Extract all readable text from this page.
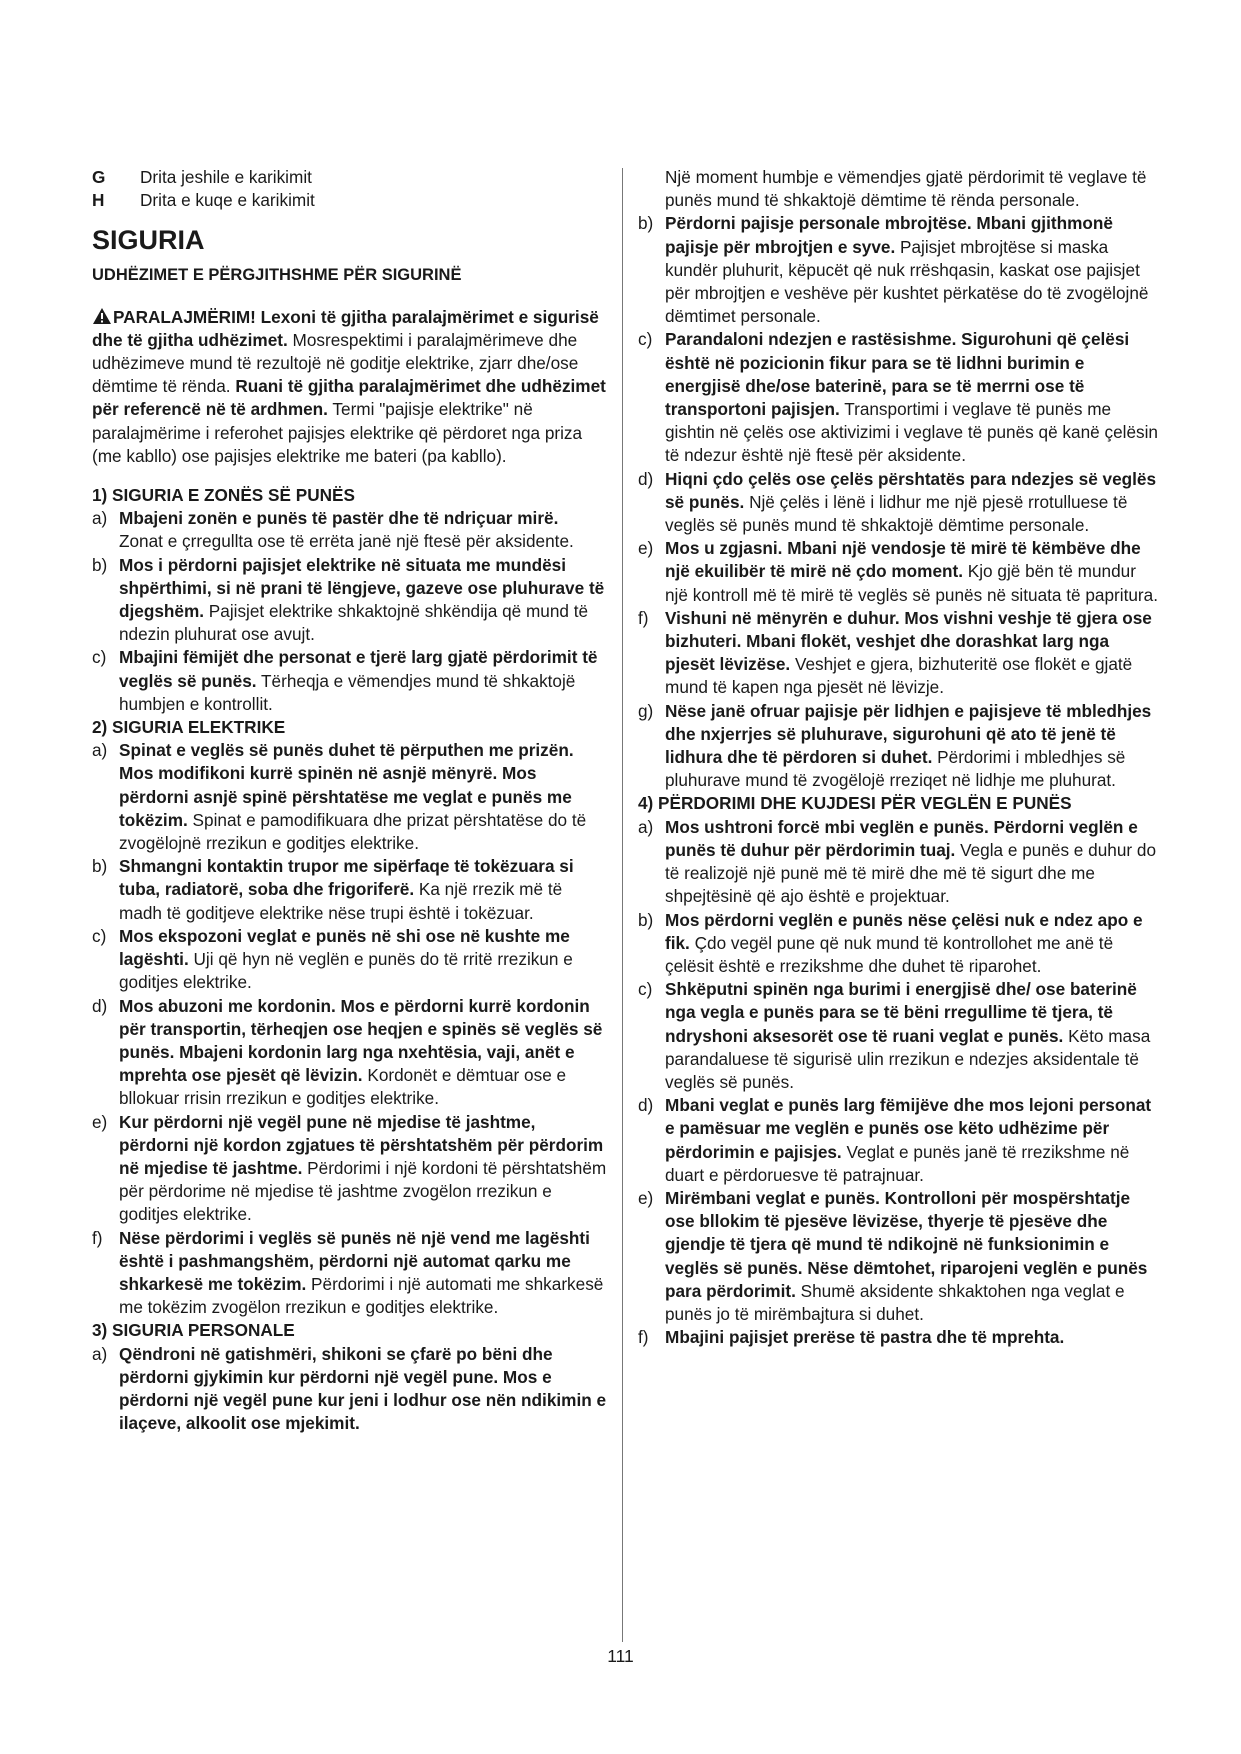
G	Drita jeshile e karikimit
H	Drita e kuqe e karikimit
SIGURIA
UDHËZIMET E PËRGJITHSHME PËR SIGURINË
PARALAJMËRIM! Lexoni të gjitha paralajmërimet e sigurisë dhe të gjitha udhëzimet. Mosrespektimi i paralajmërimeve dhe udhëzimeve mund të rezultojë në goditje elektrike, zjarr dhe/ose dëmtime të rënda. Ruani të gjitha paralajmërimet dhe udhëzimet për referencë në të ardhmen. Termi "pajisje elektrike" në paralajmërime i referohet pajisjes elektrike që përdoret nga priza (me kabllo) ose pajisjes elektrike me bateri (pa kabllo).
1) SIGURIA E ZONËS SË PUNËS
a) Mbajeni zonën e punës të pastër dhe të ndriçuar mirë. Zonat e çrregullta ose të errëta janë një ftesë për aksidente.
b) Mos i përdorni pajisjet elektrike në situata me mundësi shpërthimi, si në prani të lëngjeve, gazeve ose pluhurave të djegshëm. Pajisjet elektrike shkaktojnë shkëndija që mund të ndezin pluhurat ose avujt.
c) Mbajini fëmijët dhe personat e tjerë larg gjatë përdorimit të veglës së punës. Tërheqja e vëmendjes mund të shkaktojë humbjen e kontrollit.
2) SIGURIA ELEKTRIKE
a) Spinat e veglës së punës duhet të përputhen me prizën. Mos modifikoni kurrë spinën në asnjë mënyrë. Mos përdorni asnjë spinë përshtatëse me veglat e punës me tokëzim. Spinat e pamodifikuara dhe prizat përshtatëse do të zvogëlojnë rrezikun e goditjes elektrike.
b) Shmangni kontaktin trupor me sipërfaqe të tokëzuara si tuba, radiatorë, soba dhe frigoriferë. Ka një rrezik më të madh të goditjeve elektrike nëse trupi është i tokëzuar.
c) Mos ekspozoni veglat e punës në shi ose në kushte me lagështi. Uji që hyn në veglën e punës do të rritë rrezikun e goditjes elektrike.
d) Mos abuzoni me kordonin. Mos e përdorni kurrë kordonin për transportin, tërheqjen ose heqjen e spinës së veglës së punës. Mbajeni kordonin larg nga nxehtësia, vaji, anët e mprehta ose pjesët që lëvizin. Kordonët e dëmtuar ose e bllokuar rrisin rrezikun e goditjes elektrike.
e) Kur përdorni një vegël pune në mjedise të jashtme, përdorni një kordon zgjatues të përshtatshëm për përdorim në mjedise të jashtme. Përdorimi i një kordoni të përshtatshëm për përdorime në mjedise të jashtme zvogëlon rrezikun e goditjes elektrike.
f) Nëse përdorimi i veglës së punës në një vend me lagështi është i pashmangshëm, përdorni një automat qarku me shkarkesë me tokëzim. Përdorimi i një automati me shkarkesë me tokëzim zvogëlon rrezikun e goditjes elektrike.
3) SIGURIA PERSONALE
a) Qëndroni në gatishmëri, shikoni se çfarë po bëni dhe përdorni gjykimin kur përdorni një vegël pune. Mos e përdorni një vegël pune kur jeni i lodhur ose nën ndikimin e ilaçeve, alkoolit ose mjekimit.
Një moment humbje e vëmendjes gjatë përdorimit të veglave të punës mund të shkaktojë dëmtime të rënda personale.
b) Përdorni pajisje personale mbrojtëse. Mbani gjithmonë pajisje për mbrojtjen e syve. Pajisjet mbrojtëse si maska kundër pluhurit, këpucët që nuk rrëshqasin, kaskat ose pajisjet për mbrojtjen e veshëve për kushtet përkatëse do të zvogëlojnë dëmtimet personale.
c) Parandaloni ndezjen e rastësishme. Sigurohuni që çelësi është në pozicionin fikur para se të lidhni burimin e energjisë dhe/ose baterinë, para se të merrni ose të transportoni pajisjen. Transportimi i veglave të punës me gishtin në çelës ose aktivizimi i veglave të punës që kanë çelësin të ndezur është një ftesë për aksidente.
d) Hiqni çdo çelës ose çelës përshtatës para ndezjes së veglës së punës. Një çelës i lënë i lidhur me një pjesë rrotulluese të veglës së punës mund të shkaktojë dëmtime personale.
e) Mos u zgjasni. Mbani një vendosje të mirë të këmbëve dhe një ekuilibër të mirë në çdo moment. Kjo gjë bën të mundur një kontroll më të mirë të veglës së punës në situata të papritura.
f) Vishuni në mënyrën e duhur. Mos vishni veshje të gjera ose bizhuteri. Mbani flokët, veshjet dhe dorashkat larg nga pjesët lëvizëse. Veshjet e gjera, bizhuteritë ose flokët e gjatë mund të kapen nga pjesët në lëvizje.
g) Nëse janë ofruar pajisje për lidhjen e pajisjeve të mbledhjes dhe nxjerrjes së pluhurave, sigurohuni që ato të jenë të lidhura dhe të përdoren si duhet. Përdorimi i mbledhjes së pluhurave mund të zvogëlojë rreziqet në lidhje me pluhurat.
4) PËRDORIMI DHE KUJDESI PËR VEGLËN E PUNËS
a) Mos ushtroni forcë mbi veglën e punës. Përdorni veglën e punës të duhur për përdorimin tuaj. Vegla e punës e duhur do të realizojë një punë më të mirë dhe më të sigurt dhe me shpejtësinë që ajo është e projektuar.
b) Mos përdorni veglën e punës nëse çelësi nuk e ndez apo e fik. Çdo vegël pune që nuk mund të kontrollohet me anë të çelësit është e rrezikshme dhe duhet të riparohet.
c) Shkëputni spinën nga burimi i energjisë dhe/ ose baterinë nga vegla e punës para se të bëni rregullime të tjera, të ndryshoni aksesorët ose të ruani veglat e punës. Këto masa parandaluese të sigurisë ulin rrezikun e ndezjes aksidentale të veglës së punës.
d) Mbani veglat e punës larg fëmijëve dhe mos lejoni personat e pamësuar me veglën e punës ose këto udhëzime për përdorimin e pajisjes. Veglat e punës janë të rrezikshme në duart e përdoruesve të patrajnuar.
e) Mirëmbani veglat e punës. Kontrolloni për mospërshtatje ose bllokim të pjesëve lëvizëse, thyerje të pjesëve dhe gjendje të tjera që mund të ndikojnë në funksionimin e veglës së punës. Nëse dëmtohet, riparojeni veglën e punës para përdorimit. Shumë aksidente shkaktohen nga veglat e punës jo të mirëmbajtura si duhet.
f) Mbajini pajisjet prerëse të pastra dhe të mprehta.
111
